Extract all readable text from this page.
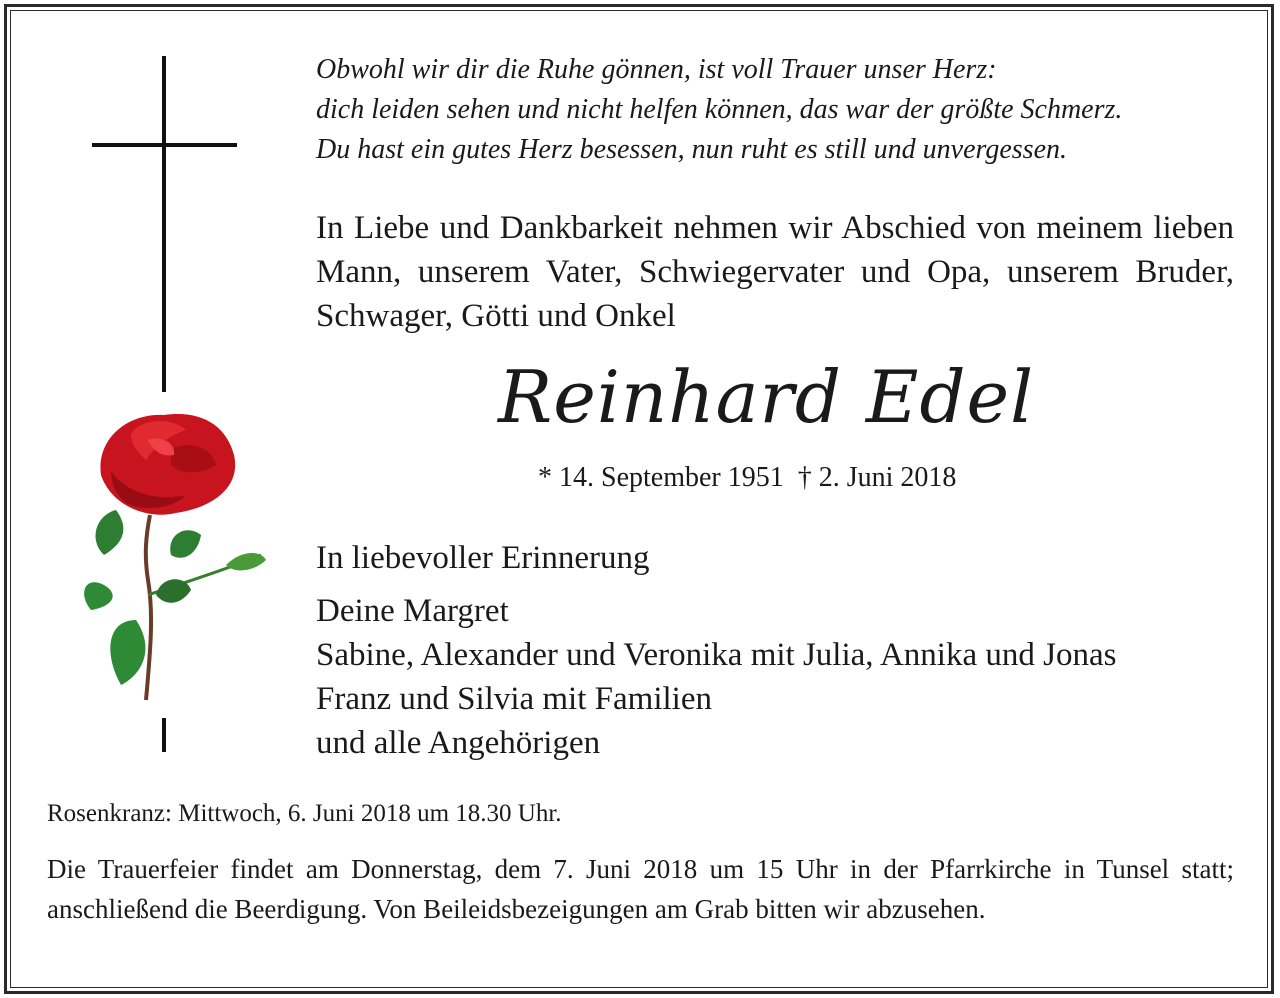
Obwohl wir dir die Ruhe gönnen, ist voll Trauer unser Herz:
dich leiden sehen und nicht helfen können, das war der größte Schmerz.
Du hast ein gutes Herz besessen, nun ruht es still und unvergessen.
In Liebe und Dankbarkeit nehmen wir Abschied von meinem lieben Mann, unserem Vater, Schwiegervater und Opa, unserem Bruder, Schwager, Götti und Onkel
Reinhard Edel
* 14. September 1951 † 2. Juni 2018
In liebevoller Erinnerung
Deine Margret
Sabine, Alexander und Veronika mit Julia, Annika und Jonas
Franz und Silvia mit Familien
und alle Angehörigen
Rosenkranz: Mittwoch, 6. Juni 2018 um 18.30 Uhr.
Die Trauerfeier findet am Donnerstag, dem 7. Juni 2018 um 15 Uhr in der Pfarrkirche in Tunsel statt; anschließend die Beerdigung. Von Beileidsbezeigungen am Grab bitten wir abzusehen.
